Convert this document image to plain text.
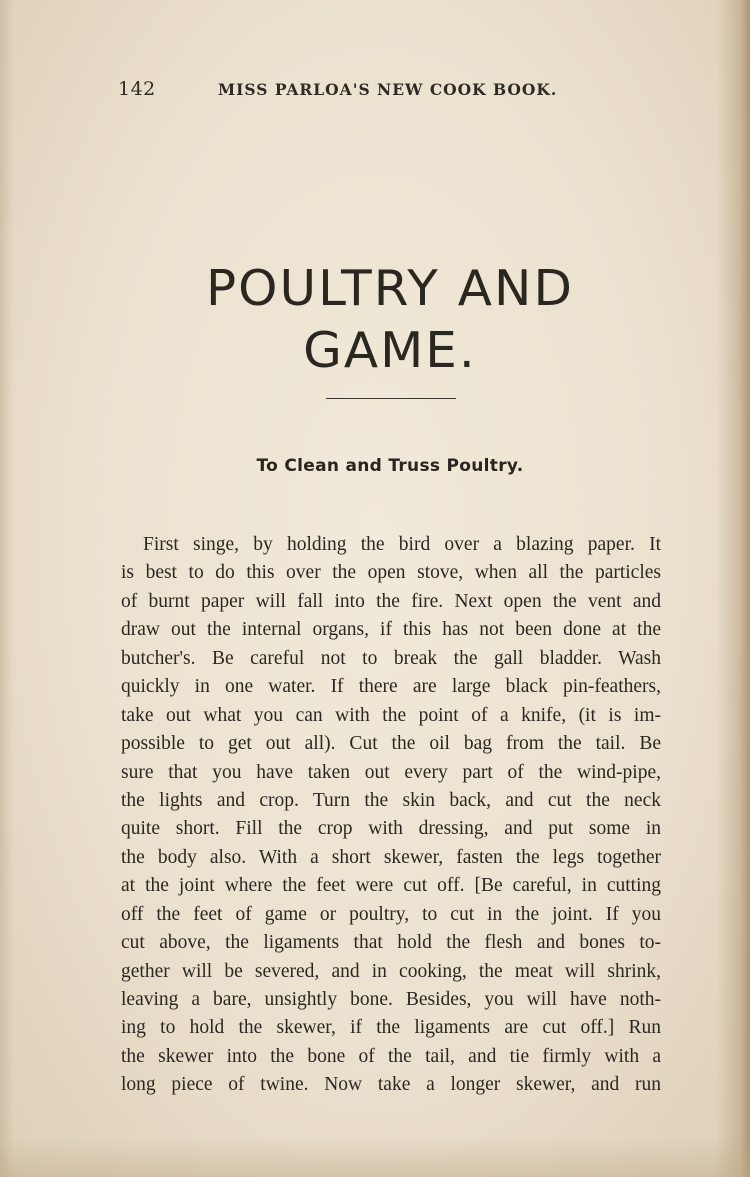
142	MISS PARLOA'S NEW COOK BOOK.
POULTRY AND
GAME.
To Clean and Truss Poultry.
First singe, by holding the bird over a blazing paper. It
is best to do this over the open stove, when all the particles
of burnt paper will fall into the fire. Next open the vent and
draw out the internal organs, if this has not been done at the
butcher's. Be careful not to break the gall bladder. Wash
quickly in one water. If there are large black pin-feathers,
take out what you can with the point of a knife, (it is im-
possible to get out all). Cut the oil bag from the tail. Be
sure that you have taken out every part of the wind-pipe,
the lights and crop. Turn the skin back, and cut the neck
quite short. Fill the crop with dressing, and put some in
the body also. With a short skewer, fasten the legs together
at the joint where the feet were cut off. [Be careful, in cutting
off the feet of game or poultry, to cut in the joint. If you
cut above, the ligaments that hold the flesh and bones to-
gether will be severed, and in cooking, the meat will shrink,
leaving a bare, unsightly bone. Besides, you will have noth-
ing to hold the skewer, if the ligaments are cut off.] Run
the skewer into the bone of the tail, and tie firmly with a
long piece of twine. Now take a longer skewer, and run
